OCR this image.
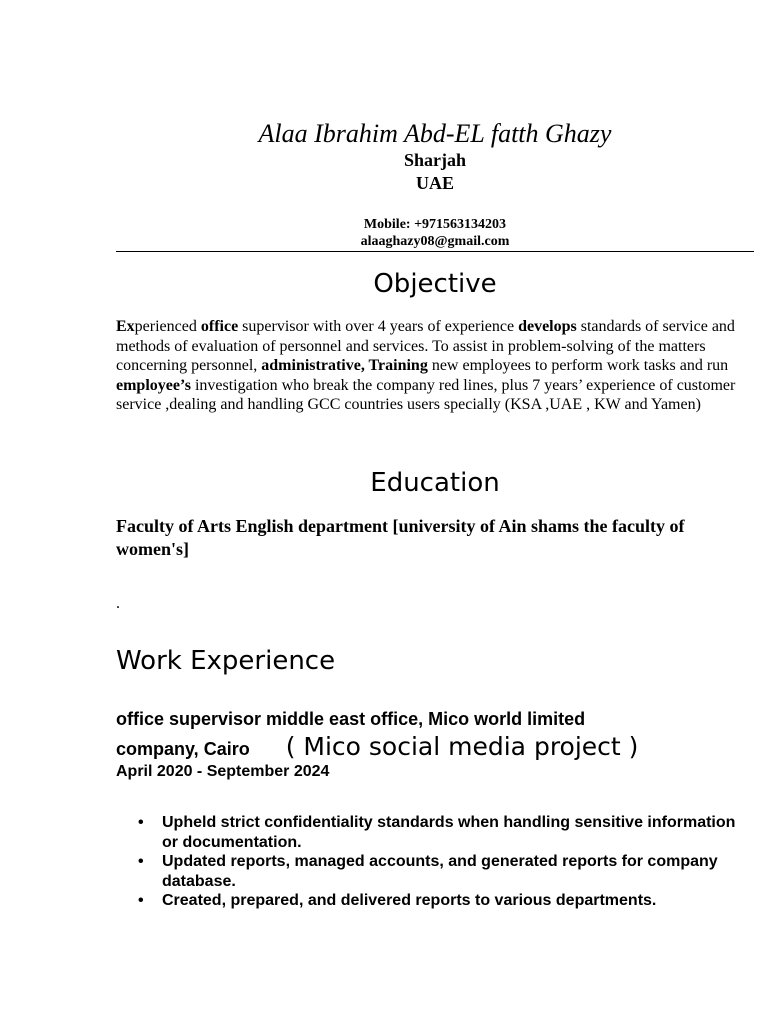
Alaa Ibrahim Abd-EL fatth Ghazy
Sharjah
UAE
Mobile: +971563134203
alaaghazy08@gmail.com
Objective

Experienced office supervisor with over 4 years of experience develops standards of service and methods of evaluation of personnel and services. To assist in problem-solving of the matters concerning personnel, administrative, Training new employees to perform work tasks and run employee’s investigation who break the company red lines, plus 7 years’ experience of customer service ,dealing and handling GCC countries users specially (KSA ,UAE , KW and Yamen)

Education

Faculty of Arts English department [university of Ain shams the faculty of women's]

.
Work Experience
office supervisor middle east office, Mico world limited
company, Cairo ( Mico social media project )
April 2020 - September 2024
• Upheld strict confidentiality standards when handling sensitive information or documentation.
• Updated reports, managed accounts, and generated reports for company database.
• Created, prepared, and delivered reports to various departments.
